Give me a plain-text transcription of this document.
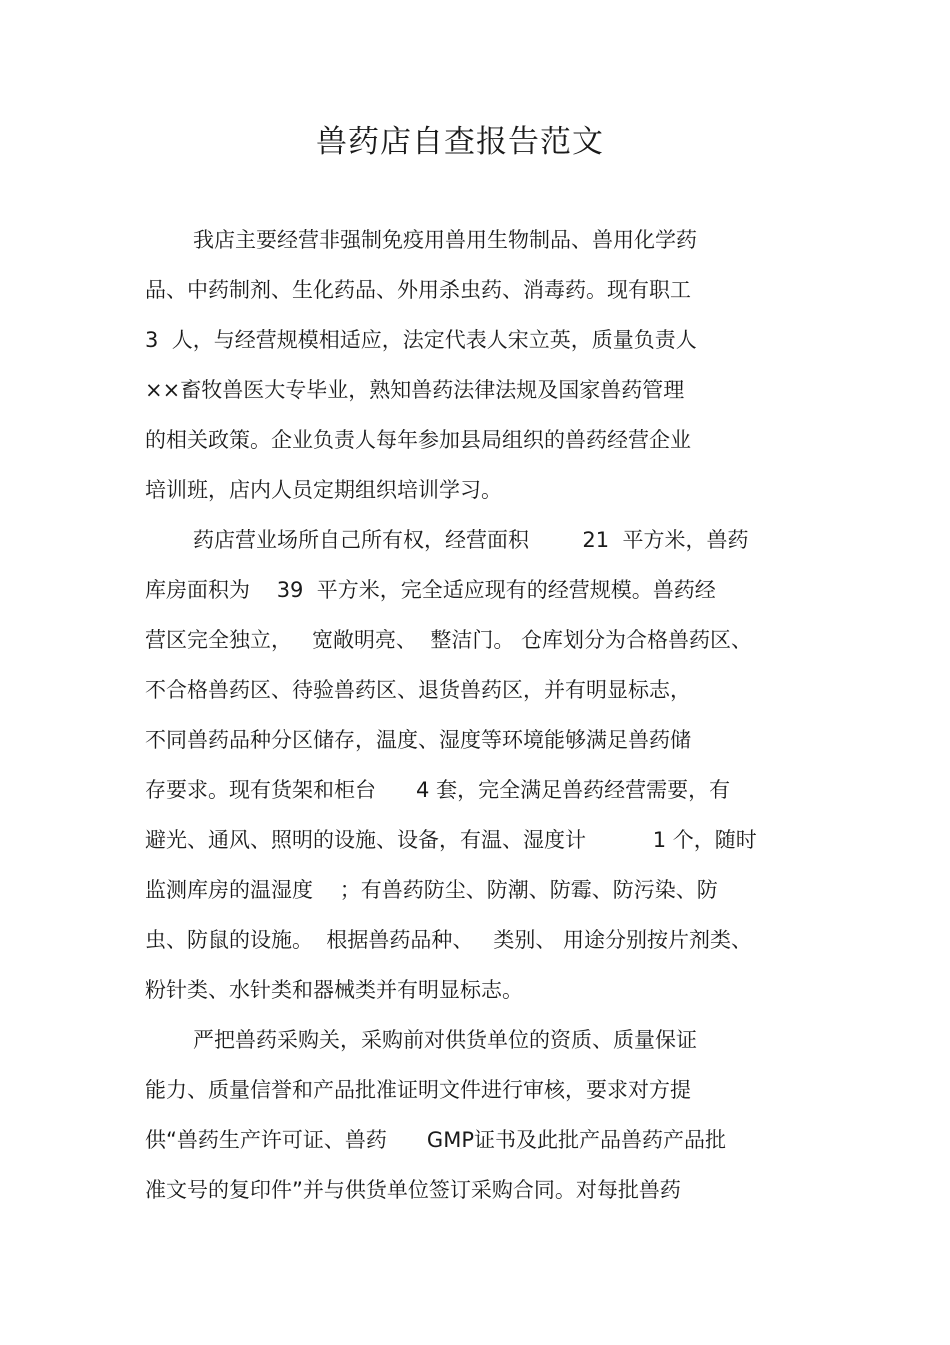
兽药店自查报告范文
我店主要经营非强制免疫用兽用生物制品、兽用化学药
品、中药制剂、生化药品、外用杀虫药、消毒药。现有职工
3  人，与经营规模相适应，法定代表人宋立英，质量负责人
××畜牧兽医大专毕业，熟知兽药法律法规及国家兽药管理
的相关政策。企业负责人每年参加县局组织的兽药经营企业
培训班，店内人员定期组织培训学习。
药店营业场所自己所有权，经营面积        21  平方米，兽药
库房面积为    39  平方米，完全适应现有的经营规模。兽药经
营区完全独立，   宽敞明亮、  整洁门。 仓库划分为合格兽药区、
不合格兽药区、待验兽药区、退货兽药区，并有明显标志，
不同兽药品种分区储存，温度、湿度等环境能够满足兽药储
存要求。现有货架和柜台      4 套，完全满足兽药经营需要，有
避光、通风、照明的设施、设备，有温、湿度计          1 个，随时
监测库房的温湿度    ；有兽药防尘、防潮、防霉、防污染、防
虫、防鼠的设施。  根据兽药品种、   类别、 用途分别按片剂类、
粉针类、水针类和器械类并有明显标志。
严把兽药采购关，采购前对供货单位的资质、质量保证
能力、质量信誉和产品批准证明文件进行审核，要求对方提
供“兽药生产许可证、兽药      GMP证书及此批产品兽药产品批
准文号的复印件”并与供货单位签订采购合同。对每批兽药
